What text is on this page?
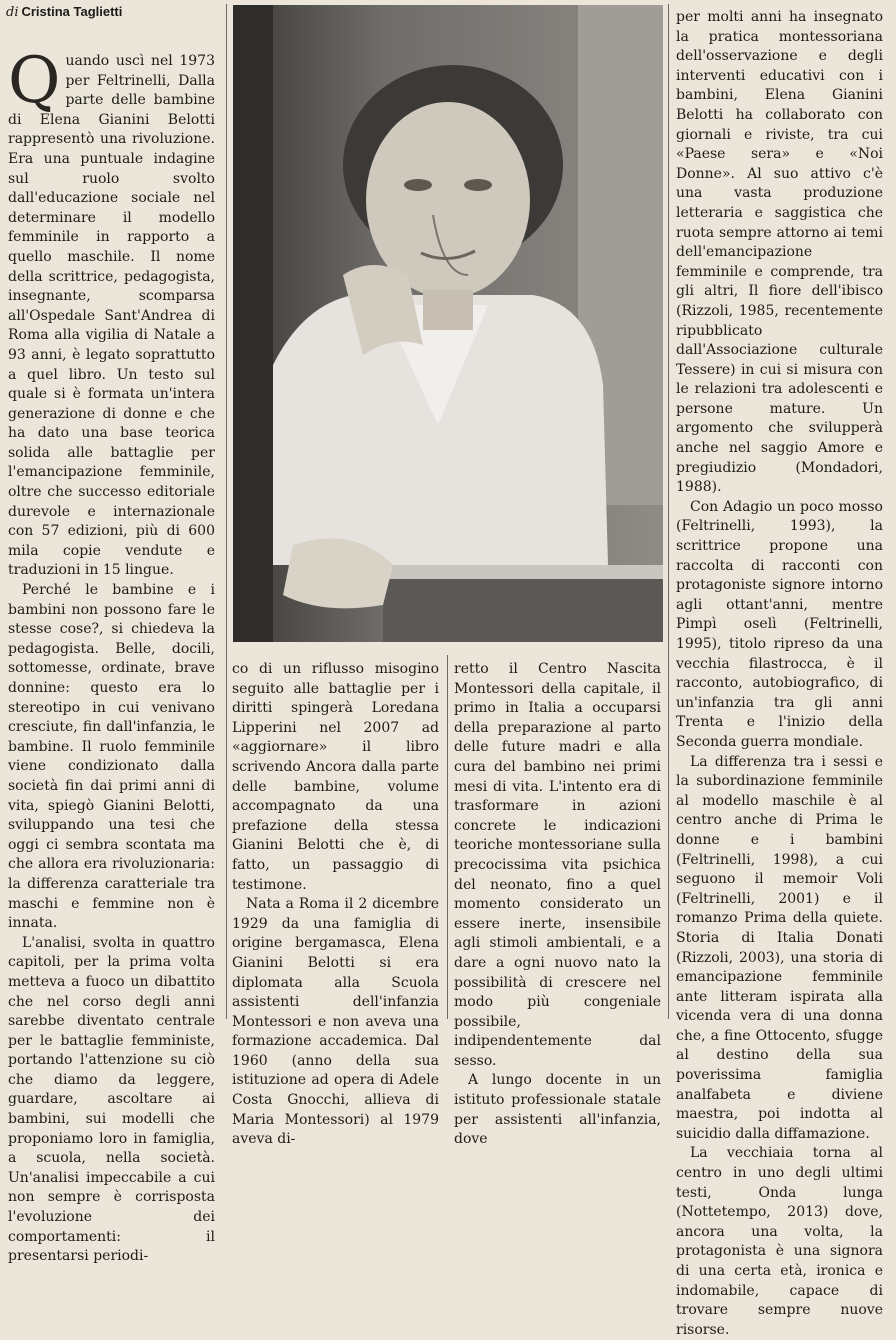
di Cristina Taglietti
Q uando uscì nel 1973 per Feltrinelli, Dalla parte delle bambine di Elena Gianini Belotti rappresentò una rivoluzione. Era una puntuale indagine sul ruolo svolto dall'educazione sociale nel determinare il modello femminile in rapporto a quello maschile. Il nome della scrittrice, pedagogista, insegnante, scomparsa all'Ospedale Sant'Andrea di Roma alla vigilia di Natale a 93 anni, è legato soprattutto a quel libro. Un testo sul quale si è formata un'intera generazione di donne e che ha dato una base teorica solida alle battaglie per l'emancipazione femminile, oltre che successo editoriale durevole e internazionale con 57 edizioni, più di 600 mila copie vendute e traduzioni in 15 lingue.

Perché le bambine e i bambini non possono fare le stesse cose?, si chiedeva la pedagogista. Belle, docili, sottomesse, ordinate, brave donnine: questo era lo stereotipo in cui venivano cresciute, fin dall'infanzia, le bambine. Il ruolo femminile viene condizionato dalla società fin dai primi anni di vita, spiegò Gianini Belotti, sviluppando una tesi che oggi ci sembra scontata ma che allora era rivoluzionaria: la differenza caratteriale tra maschi e femmine non è innata.

L'analisi, svolta in quattro capitoli, per la prima volta metteva a fuoco un dibattito che nel corso degli anni sarebbe diventato centrale per le battaglie femministe, portando l'attenzione su ciò che diamo da leggere, guardare, ascoltare ai bambini, sui modelli che proponiamo loro in famiglia, a scuola, nella società. Un'analisi impeccabile a cui non sempre è corrisposta l'evoluzione dei comportamenti: il presentarsi periodi-

co di un riflusso misogino seguito alle battaglie per i diritti spingerà Loredana Lipperini nel 2007 ad «aggiornare» il libro scrivendo Ancora dalla parte delle bambine, volume accompagnato da una prefazione della stessa Gianini Belotti che è, di fatto, un passaggio di testimone.

Nata a Roma il 2 dicembre 1929 da una famiglia di origine bergamasca, Elena Gianini Belotti si era diplomata alla Scuola assistenti dell'infanzia Montessori e non aveva una formazione accademica. Dal 1960 (anno della sua istituzione ad opera di Adele Costa Gnocchi, allieva di Maria Montessori) al 1979 aveva di-

retto il Centro Nascita Montessori della capitale, il primo in Italia a occuparsi della preparazione al parto delle future madri e alla cura del bambino nei primi mesi di vita. L'intento era di trasformare in azioni concrete le indicazioni teoriche montessoriane sulla precocissima vita psichica del neonato, fino a quel momento considerato un essere inerte, insensibile agli stimoli ambientali, e a dare a ogni nuovo nato la possibilità di crescere nel modo più congeniale possibile, indipendentemente dal sesso.

A lungo docente in un istituto professionale statale per assistenti all'infanzia, dove

per molti anni ha insegnato la pratica montessoriana dell'osservazione e degli interventi educativi con i bambini, Elena Gianini Belotti ha collaborato con giornali e riviste, tra cui «Paese sera» e «Noi Donne». Al suo attivo c'è una vasta produzione letteraria e saggistica che ruota sempre attorno ai temi dell'emancipazione femminile e comprende, tra gli altri, Il fiore dell'ibisco (Rizzoli, 1985, recentemente ripubblicato dall'Associazione culturale Tessere) in cui si misura con le relazioni tra adolescenti e persone mature. Un argomento che svilupperà anche nel saggio Amore e pregiudizio (Mondadori, 1988).

Con Adagio un poco mosso (Feltrinelli, 1993), la scrittrice propone una raccolta di racconti con protagoniste signore intorno agli ottant'anni, mentre Pimpì oselì (Feltrinelli, 1995), titolo ripreso da una vecchia filastrocca, è il racconto, autobiografico, di un'infanzia tra gli anni Trenta e l'inizio della Seconda guerra mondiale.

La differenza tra i sessi e la subordinazione femminile al modello maschile è al centro anche di Prima le donne e i bambini (Feltrinelli, 1998), a cui seguono il memoir Voli (Feltrinelli, 2001) e il romanzo Prima della quiete. Storia di Italia Donati (Rizzoli, 2003), una storia di emancipazione femminile ante litteram ispirata alla vicenda vera di una donna che, a fine Ottocento, sfugge al destino della sua poverissima famiglia analfabeta e diviene maestra, poi indotta al suicidio dalla diffamazione.

La vecchiaia torna al centro in uno degli ultimi testi, Onda lunga (Nottetempo, 2013) dove, ancora una volta, la protagonista è una signora di una certa età, ironica e indomabile, capace di trovare sempre nuove risorse.
